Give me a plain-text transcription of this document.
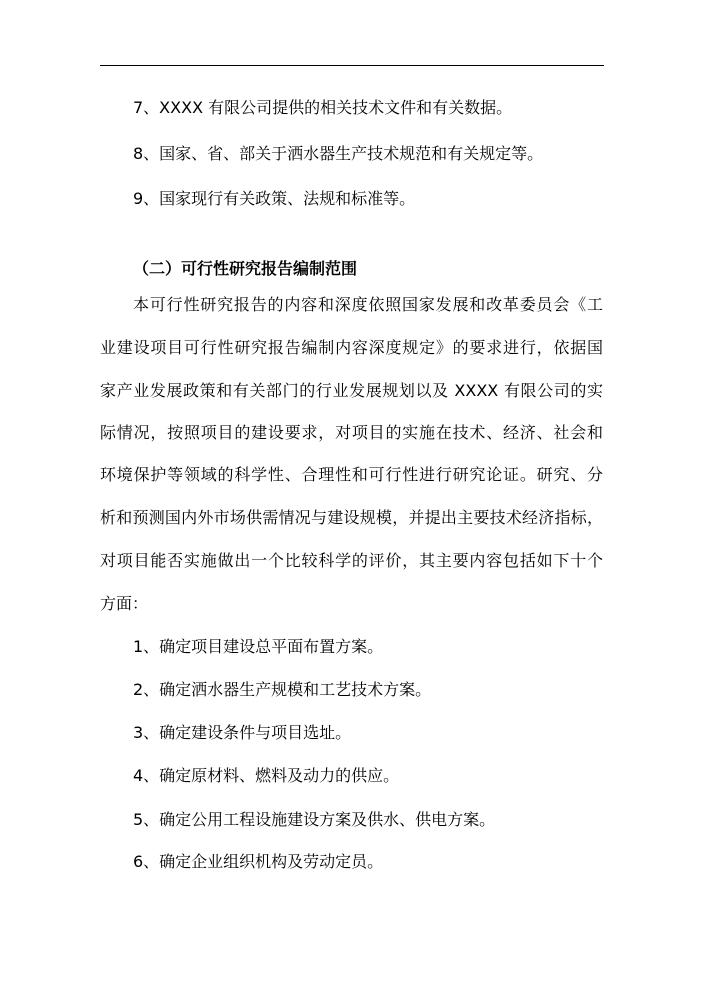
7、XXXX 有限公司提供的相关技术文件和有关数据。
8、国家、省、部关于洒水器生产技术规范和有关规定等。
9、国家现行有关政策、法规和标准等。
（二）可行性研究报告编制范围
本可行性研究报告的内容和深度依照国家发展和改革委员会《工
业建设项目可行性研究报告编制内容深度规定》的要求进行，依据国
家产业发展政策和有关部门的行业发展规划以及 XXXX 有限公司的实
际情况，按照项目的建设要求，对项目的实施在技术、经济、社会和
环境保护等领域的科学性、合理性和可行性进行研究论证。研究、分
析和预测国内外市场供需情况与建设规模，并提出主要技术经济指标，
对项目能否实施做出一个比较科学的评价，其主要内容包括如下十个
方面：
1、确定项目建设总平面布置方案。
2、确定洒水器生产规模和工艺技术方案。
3、确定建设条件与项目选址。
4、确定原材料、燃料及动力的供应。
5、确定公用工程设施建设方案及供水、供电方案。
6、确定企业组织机构及劳动定员。
